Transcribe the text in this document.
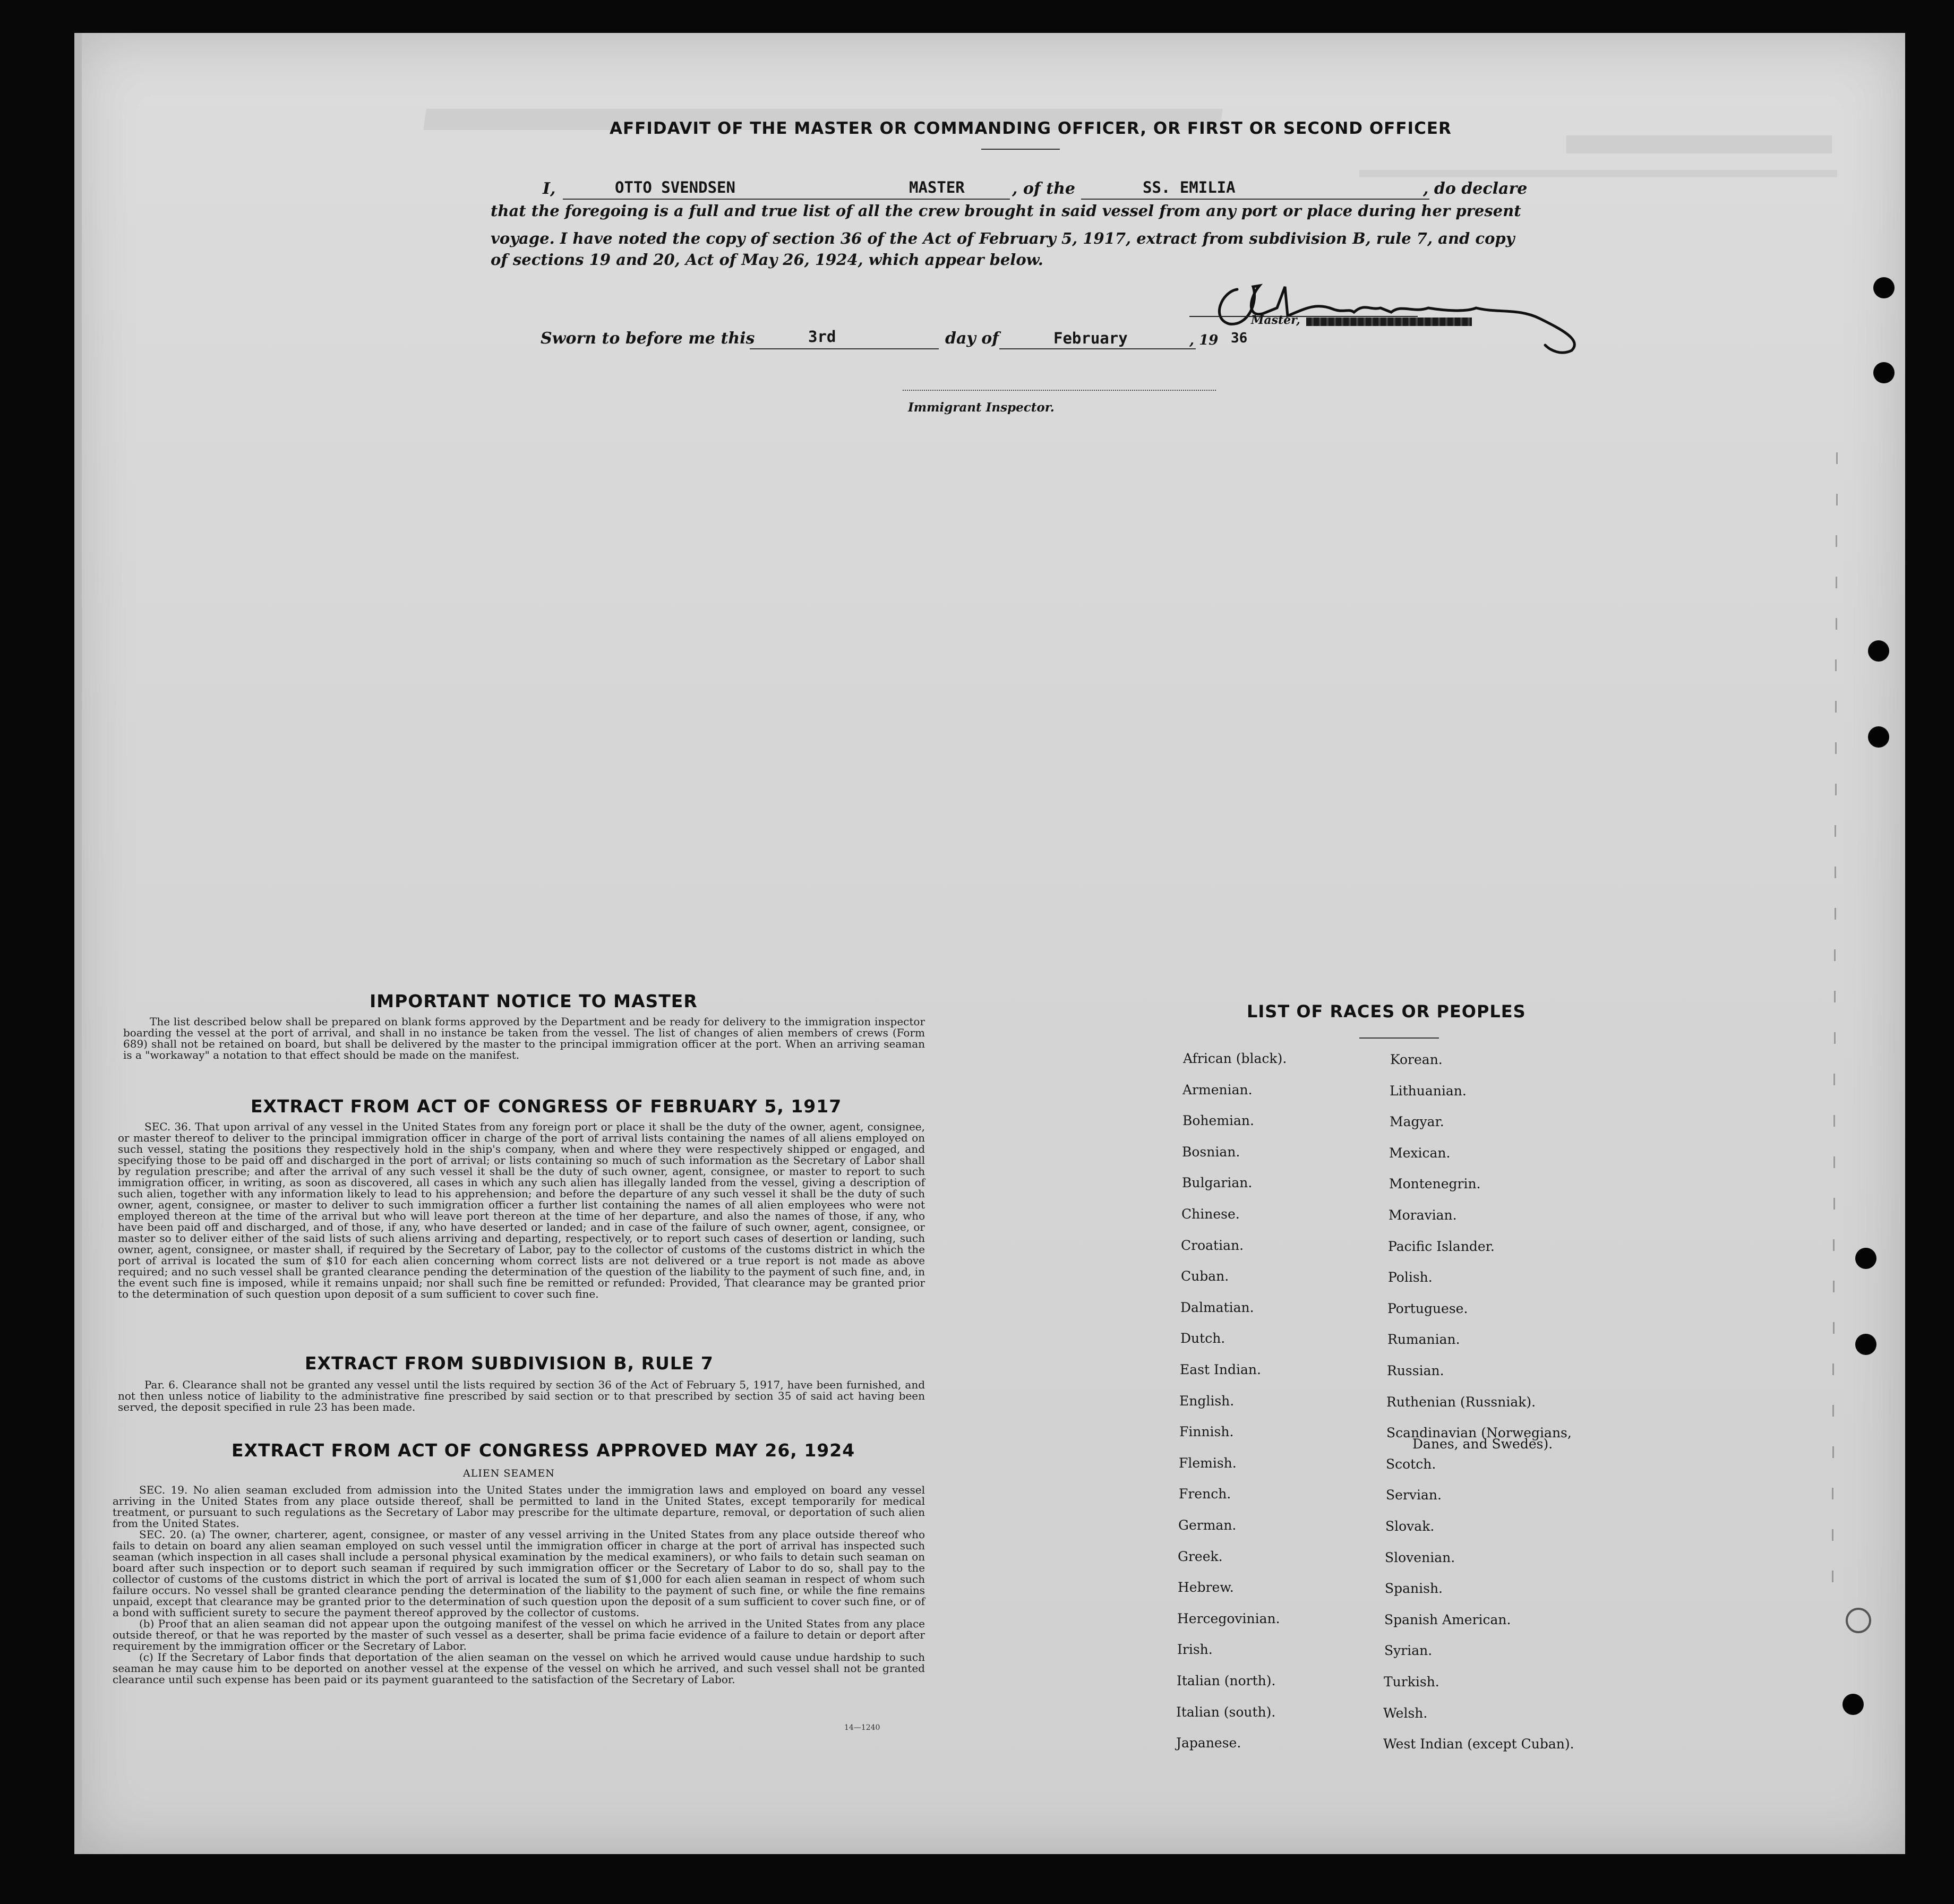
AFFIDAVIT OF THE MASTER OR COMMANDING OFFICER, OR FIRST OR SECOND OFFICER
I,	OTTO SVENDSEN	MASTER	, of the	SS. EMILIA	, do declare
that the foregoing is a full and true list of all the crew brought in said vessel from any port or place during her present
voyage. I have noted the copy of section 36 of the Act of February 5, 1917, extract from subdivision B, rule 7, and copy
of sections 19 and 20, Act of May 26, 1924, which appear below.
Master,
Sworn to before me this	3rd	day of	February	, 19 36
Immigrant Inspector.
IMPORTANT NOTICE TO MASTER
The list described below shall be prepared on blank forms approved by the Department and be ready for delivery to the immigration inspector boarding the vessel at the port of arrival, and shall in no instance be taken from the vessel. The list of changes of alien members of crews (Form 689) shall not be retained on board, but shall be delivered by the master to the principal immigration officer at the port. When an arriving seaman is a "workaway" a notation to that effect should be made on the manifest.
EXTRACT FROM ACT OF CONGRESS OF FEBRUARY 5, 1917
SEC. 36. That upon arrival of any vessel in the United States from any foreign port or place it shall be the duty of the owner, agent, consignee, or master thereof to deliver to the principal immigration officer in charge of the port of arrival lists containing the names of all aliens employed on such vessel, stating the positions they respectively hold in the ship's company, when and where they were respectively shipped or engaged, and specifying those to be paid off and discharged in the port of arrival; or lists containing so much of such information as the Secretary of Labor shall by regulation prescribe; and after the arrival of any such vessel it shall be the duty of such owner, agent, consignee, or master to report to such immigration officer, in writing, as soon as discovered, all cases in which any such alien has illegally landed from the vessel, giving a description of such alien, together with any information likely to lead to his apprehension; and before the departure of any such vessel it shall be the duty of such owner, agent, consignee, or master to deliver to such immigration officer a further list containing the names of all alien employees who were not employed thereon at the time of the arrival but who will leave port thereon at the time of her departure, and also the names of those, if any, who have been paid off and discharged, and of those, if any, who have deserted or landed; and in case of the failure of such owner, agent, consignee, or master so to deliver either of the said lists of such aliens arriving and departing, respectively, or to report such cases of desertion or landing, such owner, agent, consignee, or master shall, if required by the Secretary of Labor, pay to the collector of customs of the customs district in which the port of arrival is located the sum of $10 for each alien concerning whom correct lists are not delivered or a true report is not made as above required; and no such vessel shall be granted clearance pending the determination of the question of the liability to the payment of such fine, and, in the event such fine is imposed, while it remains unpaid; nor shall such fine be remitted or refunded: Provided, That clearance may be granted prior to the determination of such question upon deposit of a sum sufficient to cover such fine.
EXTRACT FROM SUBDIVISION B, RULE 7
Par. 6. Clearance shall not be granted any vessel until the lists required by section 36 of the Act of February 5, 1917, have been furnished, and not then unless notice of liability to the administrative fine prescribed by said section or to that prescribed by section 35 of said act having been served, the deposit specified in rule 23 has been made.
EXTRACT FROM ACT OF CONGRESS APPROVED MAY 26, 1924
ALIEN SEAMEN

SEC. 19. No alien seaman excluded from admission into the United States under the immigration laws and employed on board any vessel arriving in the United States from any place outside thereof, shall be permitted to land in the United States, except temporarily for medical treatment, or pursuant to such regulations as the Secretary of Labor may prescribe for the ultimate departure, removal, or deportation of such alien from the United States.

SEC. 20. (a) The owner, charterer, agent, consignee, or master of any vessel arriving in the United States from any place outside thereof who fails to detain on board any alien seaman employed on such vessel until the immigration officer in charge at the port of arrival has inspected such seaman (which inspection in all cases shall include a personal physical examination by the medical examiners), or who fails to detain such seaman on board after such inspection or to deport such seaman if required by such immigration officer or the Secretary of Labor to do so, shall pay to the collector of customs of the customs district in which the port of arrival is located the sum of $1,000 for each alien seaman in respect of whom such failure occurs. No vessel shall be granted clearance pending the determination of the liability to the payment of such fine, or while the fine remains unpaid, except that clearance may be granted prior to the determination of such question upon the deposit of a sum sufficient to cover such fine, or of a bond with sufficient surety to secure the payment thereof approved by the collector of customs.

(b) Proof that an alien seaman did not appear upon the outgoing manifest of the vessel on which he arrived in the United States from any place outside thereof, or that he was reported by the master of such vessel as a deserter, shall be prima facie evidence of a failure to detain or deport after requirement by the immigration officer or the Secretary of Labor.

(c) If the Secretary of Labor finds that deportation of the alien seaman on the vessel on which he arrived would cause undue hardship to such seaman he may cause him to be deported on another vessel at the expense of the vessel on which he arrived, and such vessel shall not be granted clearance until such expense has been paid or its payment guaranteed to the satisfaction of the Secretary of Labor.

14—1240
LIST OF RACES OR PEOPLES
Danes, and Swedes).
African (black).
Armenian.
Bohemian.
Bosnian.
Bulgarian.
Chinese.
Croatian.
Cuban.
Dalmatian.
Dutch.
East Indian.
English.
Finnish.
Flemish.
French.
German.
Greek.
Hebrew.
Hercegovinian.
Irish.
Italian (north).
Italian (south).
Japanese.
Korean.
Lithuanian.
Magyar.
Mexican.
Montenegrin.
Moravian.
Pacific Islander.
Polish.
Portuguese.
Rumanian.
Russian.
Ruthenian (Russniak).
Scandinavian (Norwegians,
Scotch.
Servian.
Slovak.
Slovenian.
Spanish.
Spanish American.
Syrian.
Turkish.
Welsh.
West Indian (except Cuban).
